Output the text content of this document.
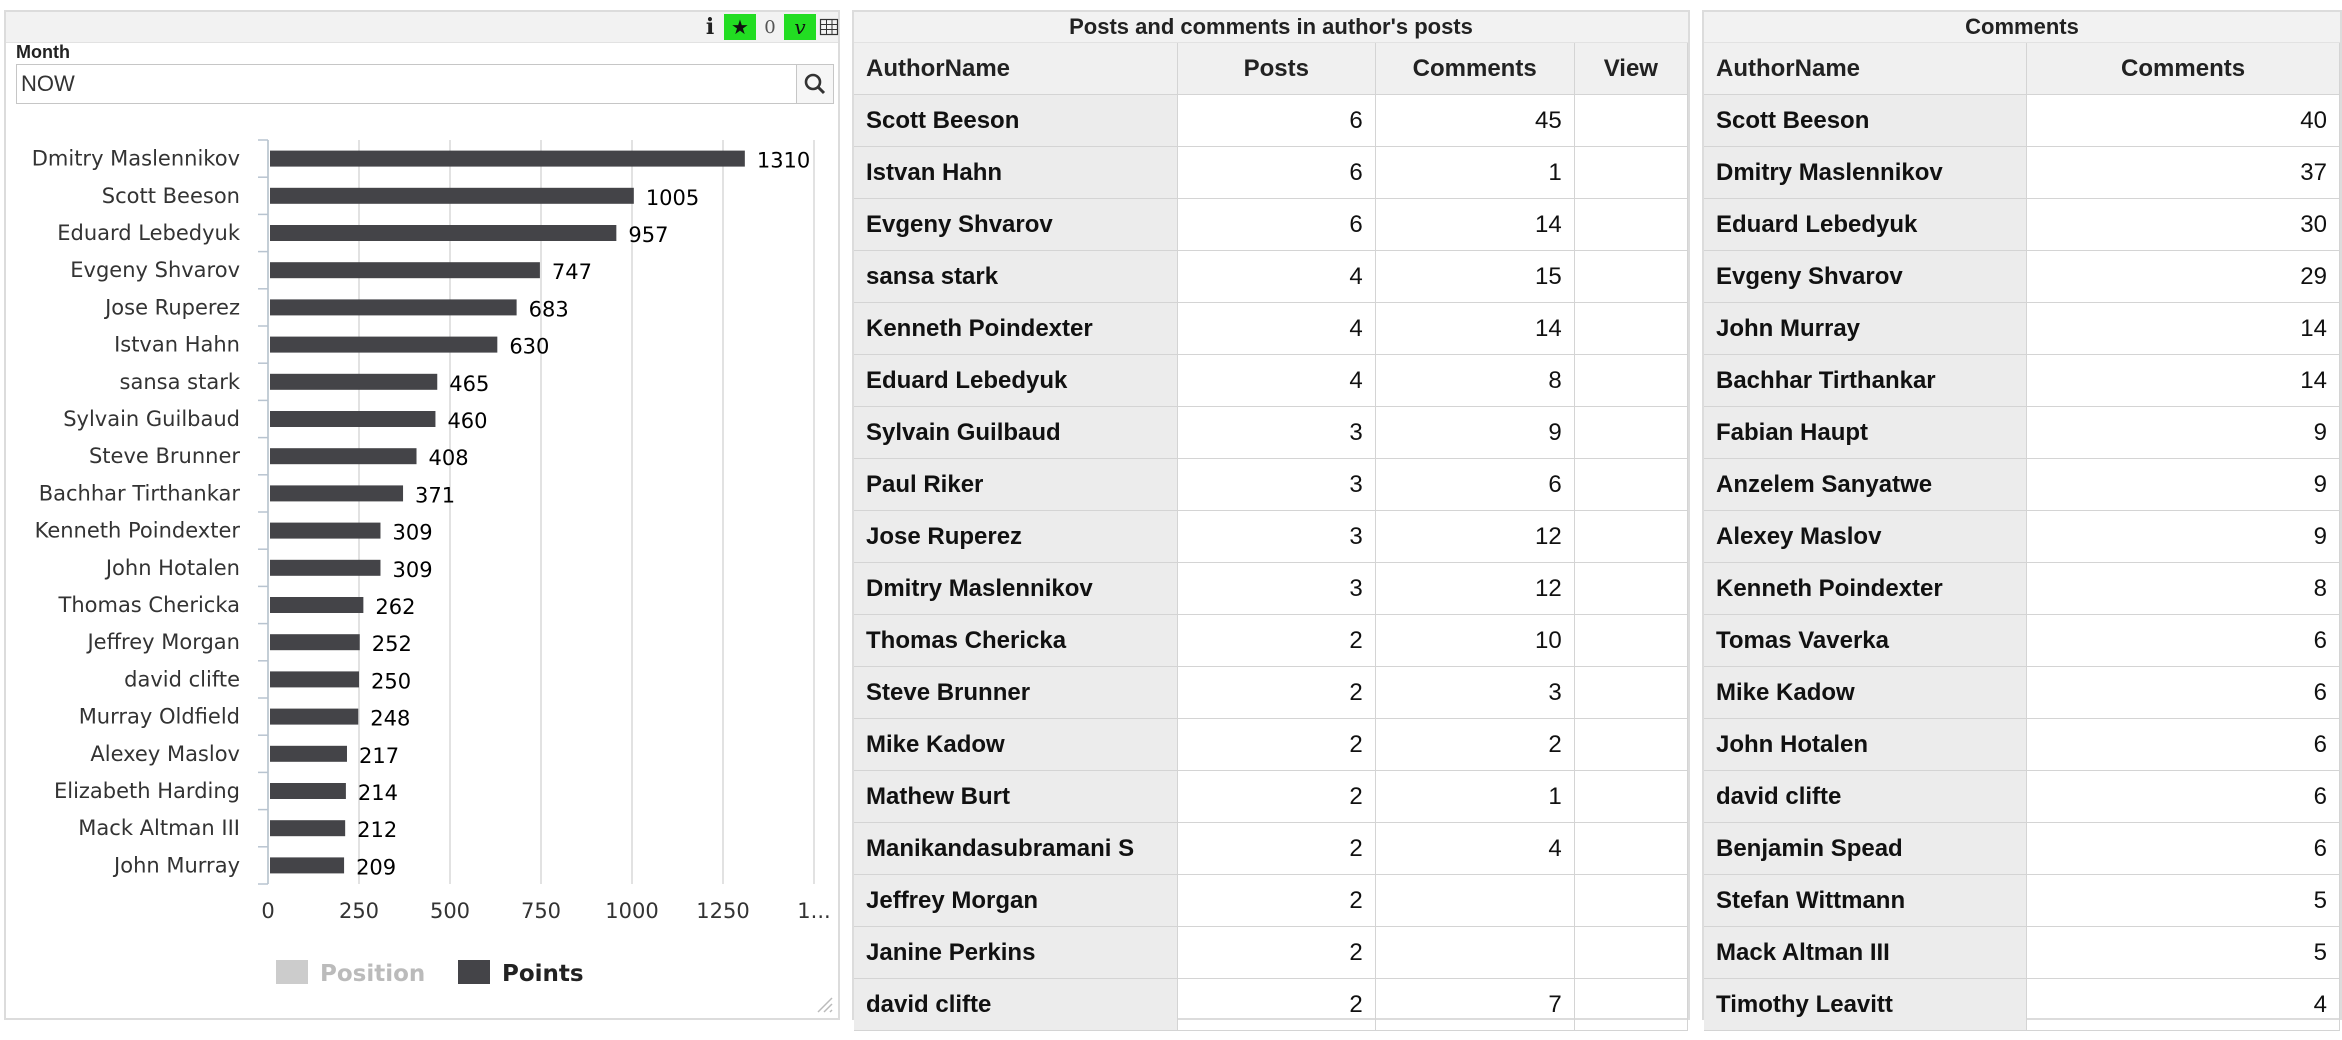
i ★ 0 v
Month
NOW
Dmitry Maslennikov	1310
Scott Beeson	1005
Eduard Lebedyuk	957
Evgeny Shvarov	747
Jose Ruperez	683
Istvan Hahn	630
sansa stark	465
Sylvain Guilbaud	460
Steve Brunner	408
Bachhar Tirthankar	371
Kenneth Poindexter	309
John Hotalen	309
Thomas Chericka	262
Jeffrey Morgan	252
david clifte	250
Murray Oldfield	248
Alexey Maslov	217
Elizabeth Harding	214
Mack Altman III	212
John Murray	209
0	250 500 750 1000 1250 1...
Position	Points
Posts and comments in author's posts
AuthorName	Posts	Comments	View
Scott Beeson	6	45	
Istvan Hahn	6	1	
Evgeny Shvarov	6	14	
sansa stark	4	15	
Kenneth Poindexter	4	14	
Eduard Lebedyuk	4	8	
Sylvain Guilbaud	3	9	
Paul Riker	3	6	
Jose Ruperez	3	12	
Dmitry Maslennikov	3	12	
Thomas Chericka	2	10	
Steve Brunner	2	3	
Mike Kadow	2	2	
Mathew Burt	2	1	
Manikandasubramani S	2	4	
Jeffrey Morgan	2		
Janine Perkins	2		
david clifte	2	7	
Comments
AuthorName	Comments
Scott Beeson	40
Dmitry Maslennikov	37
Eduard Lebedyuk	30
Evgeny Shvarov	29
John Murray	14
Bachhar Tirthankar	14
Fabian Haupt	9
Anzelem Sanyatwe	9
Alexey Maslov	9
Kenneth Poindexter	8
Tomas Vaverka	6
Mike Kadow	6
John Hotalen	6
david clifte	6
Benjamin Spead	6
Stefan Wittmann	5
Mack Altman III	5
Timothy Leavitt	4
